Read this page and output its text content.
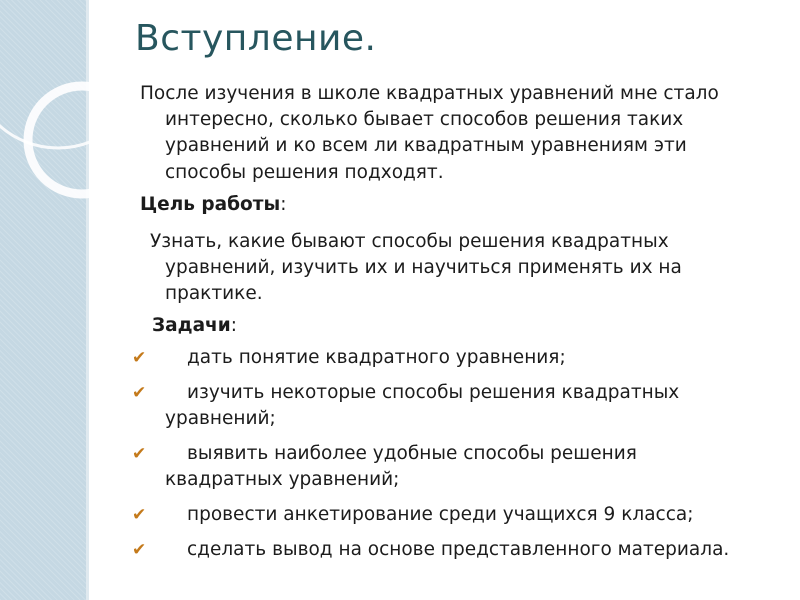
Вступление.
После изучения в школе квадратных уравнений мне стало
интересно, сколько бывает способов решения таких
уравнений и ко всем ли квадратным уравнениям эти
способы решения подходят.
Цель работы:
Узнать, какие бывают способы решения квадратных
уравнений, изучить их и научиться применять их на
практике.
Задачи:
✔ дать понятие квадратного уравнения;
✔ изучить некоторые способы решения квадратных
уравнений;
✔ выявить наиболее удобные способы решения
квадратных уравнений;
✔ провести анкетирование среди учащихся 9 класса;
✔ сделать вывод на основе представленного материала.
